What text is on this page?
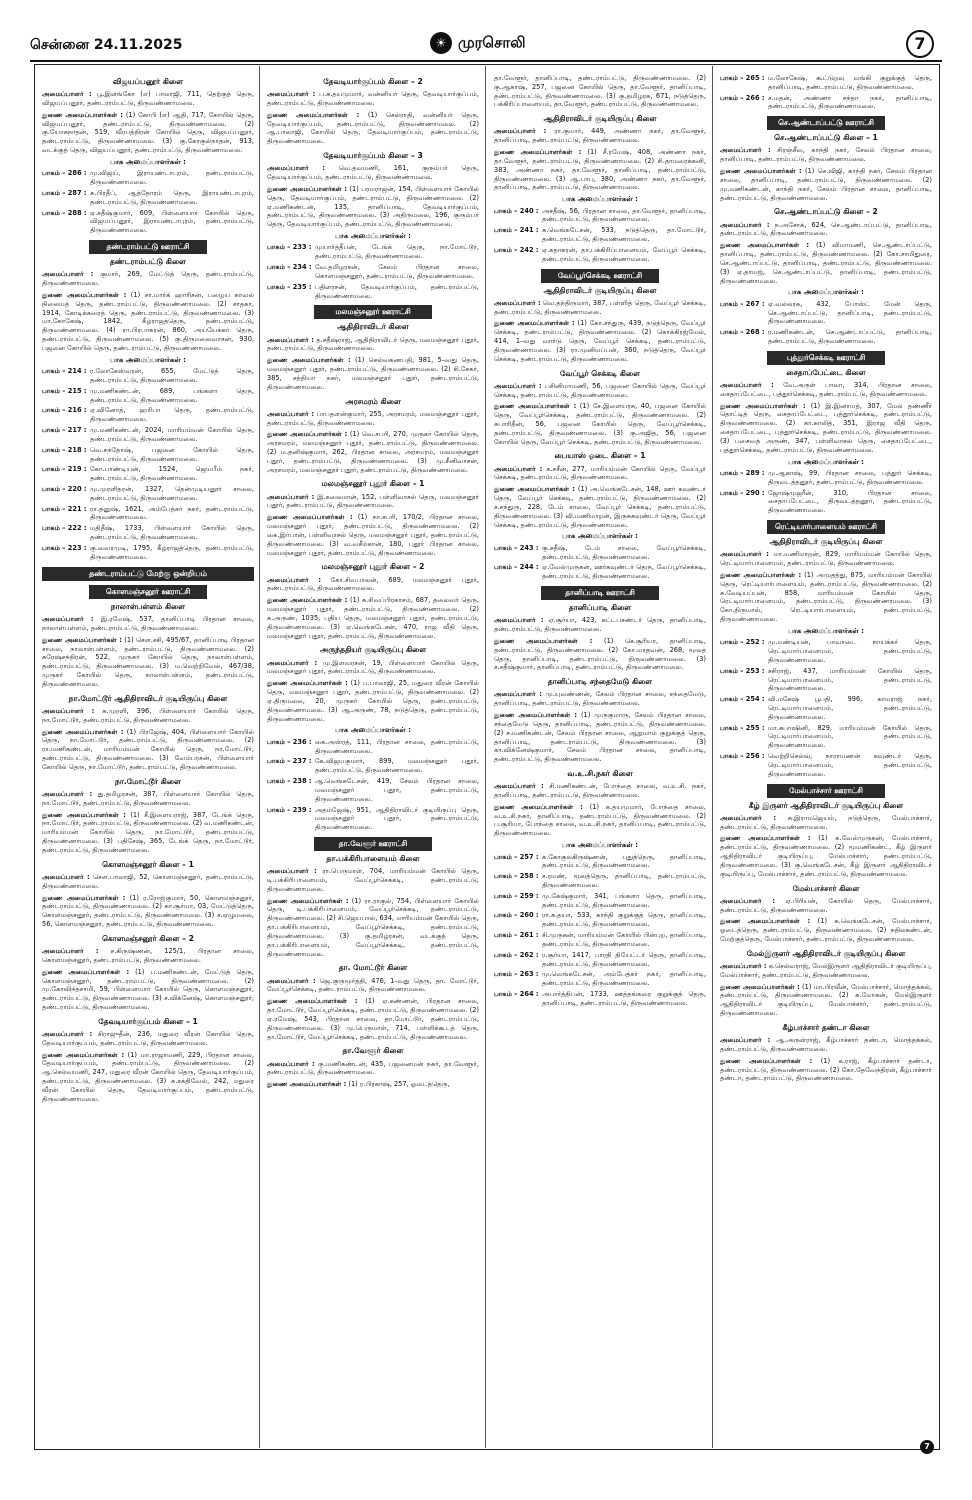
சென்னை 24.11.2025	☀ முரசொலி	7
விஜயப்பனூர் கிளை
அமைப்பாளர் : பூ.இளங்கோ (எ) பாலாஜி, 711, தெற்குத் தெரு, விஜயப்பனூர், தண்டராம்பட்டு, திருவண்ணாமலை.
துணை அமைப்பாளர்கள் : (1) கோபி (எ) ஆதி, 717, கோயில் தெரு, விஜயப்பனூர், தண்டராம்பட்டு, திருவண்ணாமலை. (2) கு.யோகநாதன், 519, வீரபத்திரன் கோயில் தெரு, விஜயப்பனூர், தண்டராம்பட்டு, திருவண்ணாமலை. (3) கு.கோகுல்நாதன், 913, வடக்குத் தெரு, விஜயப்பனூர், தண்டராம்பட்டு, திருவண்ணாமலை.
பாக அமைப்பாளர்கள் :
பாகம் – 286 : மு.விஜய், இராயண்டாபுரம், தண்டராம்பட்டு, திருவண்ணாமலை.
பாகம் – 287 : சு.பிரதீப், ஆத்தோரம் தெரு, இராயண்டாபுரம், தண்டராம்பட்டு, திருவண்ணாமலை.
பாகம் – 288 : ஏ.சதீஷ்குமார், 609, பிள்ளையார் கோயில் தெரு, விஜயப்பனூர், இராயண்டாபுரம், தண்டராம்பட்டு, திருவண்ணாமலை.
தண்டராம்பட்டு ஊராட்சி
தண்டராம்பட்டு கிளை
அமைப்பாளர் : குமார், 269, மேட்டுத் தெரு, தண்டராம்பட்டு, திருவண்ணாமலை.
துணை அமைப்பாளர்கள் : (1) சா.மார்க் ஹாரிசன், பழைய காவல் நிலையத் தெரு, தண்டராம்பட்டு, திருவண்ணாமலை. (2) சாதகா, 1914, கோடிக்கரைத் தெரு, தண்டராம்பட்டு, திருவண்ணாமலை. (3) மா.கோகேஷ், 1842, கீழ்ராஜத்தெரு, தண்டராம்பட்டு, திருவண்ணாமலை. (4) ரா.பிரபாகரன், 860, அய்யேக்கர் தெரு, தண்டராம்பட்டு, திருவண்ணாமலை. (5) கு.திருமலைவாசன், 930, பஜனை கோயில் தெரு, தண்டராம்பட்டு, திருவண்ணாமலை.
பாக அமைப்பாளர்கள் :
பாகம் – 214 : ர.லோகேஸ்வரன், 655, மேட்டுத் தெரு, தண்டராம்பட்டு, திருவண்ணாமலை.
பாகம் – 215 : மு.மணிகண்டன், 689, பங்களா தெரு, தண்டராம்பட்டு, திருவண்ணாமலை.
பாகம் – 216 : ஏ.வினோத், ஹரிபா தெரு, தண்டராம்பட்டு, திருவண்ணாமலை.
பாகம் – 217 : மு.மணிகண்டன், 2024, மாரியம்மன் கோயில் தெரு, தண்டராம்பட்டு, திருவண்ணாமலை.
பாகம் – 218 : வெ.சந்தோஷ், பஜனை கோயில் தெரு, தண்டராம்பட்டு, திருவண்ணாமலை.
பாகம் – 219 : கோ.பாண்டியன், 1524, ஜெயபீம் நகர், தண்டராம்பட்டு, திருவண்ணாமலை.
பாகம் – 220 : மு.முரளிதரன், 1327, தென்முடியனூர் சாலை, தண்டராம்பட்டு, திருவண்ணாமலை.
பாகம் – 221 : ரா.தனுஷ், 1621, அம்பேத்கர் நகர், தண்டராம்பட்டு, திருவண்ணாமலை.
பாகம் – 222 : மதிதீஷ், 1733, பிள்ளையார் கோயில் தெரு, தண்டராம்பட்டு, திருவண்ணாமலை.
பாகம் – 223 : கு.வைரமுடி, 1795, கீழ்ராஜத்தெரு, தண்டராம்பட்டு, திருவண்ணாமலை.
தண்டராம்பட்டு மேற்கு ஒன்றியம்
கொளமஞ்சனூர் ஊராட்சி
நாலாள்பள்ளம் கிளை
அமைப்பாளர் : இ.ரமேஷ், 537, தானிப்பாடி பிரதான சாலை, நாலாள்பள்ளம், தண்டராம்பட்டு, திருவண்ணாமலை.
துணை அமைப்பாளர்கள் : (1) சௌ.சசி, 495/67, தானிப்பாடி பிரதான சாலை, நாலாள்பள்ளம், தண்டராம்பட்டு, திருவண்ணாமலை. (2) சுரேஷ்சந்திரன், 522, முருகர் கோயில் தெரு, நாலாள்பள்ளம், தண்டராம்பட்டு, திருவண்ணாமலை. (3) ம.வெற்றிவேல், 467/38, முருகர் கோயில் தெரு, நாலாள்பள்ளம், தண்டராம்பட்டு, திருவண்ணாமலை.
நா.மோட்டூர் ஆதிதிராவிடர் குடியிருப்பு கிளை
அமைப்பாளர் : சு.முரளி, 396, பிள்ளையார் கோயில் தெரு, நா.மோட்டூர், தண்டராம்பட்டு, திருவண்ணாமலை.
துணை அமைப்பாளர்கள் : (1) பிரஜேஷ், 404, பிள்ளையார் கோயில் தெரு, நா.மோட்டூர், தண்டராம்பட்டு, திருவண்ணாமலை. (2) ரா.மணிகண்டன், மாரியம்மன் கோயில் தெரு, நா.மோட்டூர், தண்டராம்பட்டு, திருவண்ணாமலை. (3) வேம்பரசன், பிள்ளையார் கோயில் தெரு, நா.மோட்டூர், தண்டராம்பட்டு, திருவண்ணாமலை.
நா.மோட்டூர் கிளை
அமைப்பாளர் : து.தமிழரசன், 387, பிள்ளையார் கோயில் தெரு, நா.மோட்டூர், தண்டராம்பட்டு, திருவண்ணாமலை.
துணை அமைப்பாளர்கள் : (1) சீ.இளையராஜ், 387, டேங்க் தெரு, நா.மோட்டூர், தண்டராம்பட்டு, திருவண்ணாமலை. (2) வ.மணிகண்டன், மாரியம்மன் கோயில் தெரு, நா.மோட்டூர், தண்டராம்பட்டு, திருவண்ணாமலை. (3) பதிசேஷ், 365, டேங்க் தெரு, நா.மோட்டூர், தண்டராம்பட்டு, திருவண்ணாமலை.
கொளமஞ்சனூர் கிளை – 1
அமைப்பாளர் : சௌ.பாலாஜி, 52, கொளமஞ்சனூர், தண்டராம்பட்டு, திருவண்ணாமலை.
துணை அமைப்பாளர்கள் : (1) ர.ரோஜ்குமார், 50, கொளமஞ்சனூர், தண்டராம்பட்டு, திருவண்ணாமலை. (2) கா.சூர்யா, 03, மேட்டுத்தெரு, கொளமஞ்சனூர், தண்டராம்பட்டு, திருவண்ணாமலை. (3) ச.ஏழுமலை, 56, கொளமஞ்சனூர், தண்டராம்பட்டு, திருவண்ணாமலை.
கொளமஞ்சனூர் கிளை – 2
அமைப்பாளர் : ச.கிருஷ்ணன், 125/1, பிரதான சாலை, கொளமஞ்சனூர், தண்டராம்பட்டு, திருவண்ணாமலை.
துணை அமைப்பாளர்கள் : (1) ப.மணிகண்டன், மேட்டுத் தெரு, கொளமஞ்சனூர், தண்டராம்பட்டு, திருவண்ணாமலை. (2) மு.கோவிந்தசாமி, 59, பிள்ளையார் கோயில் தெரு, கொளமஞ்சனூர், தண்டராம்பட்டு, திருவண்ணாமலை. (3) ச.விக்னேஷ், கொளமஞ்சனூர், தண்டராம்பட்டு, திருவண்ணாமலை.
தேவடியார்குப்பம் கிளை – 1
அமைப்பாளர் : சிராஜுதீன், 236, மதுரை வீரன் கோயில் தெரு, தேவடியார்குப்பம், தண்டராம்பட்டு, திருவண்ணாமலை.
துணை அமைப்பாளர்கள் : (1) மா.ராஜாமணி, 229, பிரதான சாலை, தேவடியார்குப்பம், தண்டராம்பட்டு, திருவண்ணாமலை. (2) ஆ.செல்வமணி, 247, மதுரை வீரன் கோயில் தெரு, தேவடியார்குப்பம், தண்டராம்பட்டு, திருவண்ணாமலை. (3) சு.சக்திவேல், 242, மதுரை வீரன் கோயில் தெரு, தேவடியார்குப்பம், தண்டராம்பட்டு, திருவண்ணாமலை.
தேவடியார்குப்பம் கிளை – 2
அமைப்பாளர் : ப.க.தயமுமார், வன்னியர் தெரு, தேவடியார்குப்பம், தண்டராம்பட்டு, திருவண்ணாமலை.
துணை அமைப்பாளர்கள் : (1) செல்ராதி, வன்னியர் தெரு, தேவடியார்குப்பம், தண்டராம்பட்டு, திருவண்ணாமலை. (2) ஆ.பாலாஜி, கோயில் தெரு, தேவடியார்குப்பம், தண்டராம்பட்டு, திருவண்ணாமலை.
தேவடியார்குப்பம் கிளை – 3
அமைப்பாளர் : வெ.தவமணி, 161, குரும்பர் தெரு, தேவடியார்குப்பம், தண்டராம்பட்டு, திருவண்ணாமலை.
துணை அமைப்பாளர்கள் : (1) பரமராஜன், 154, பிள்ளையார் கோயில் தெரு, தேவடியார்குப்பம், தண்டராம்பட்டு, திருவண்ணாமலை. (2) ஏ.மணிகண்டன், 135, தானிப்பாடி, தேவடியார்குப்பம், தண்டராம்பட்டு, திருவண்ணாமலை. (3) அதிருமலை, 196, குரும்பர் தெரு, தேவடியார்குப்பம், தண்டராம்பட்டு, திருவண்ணாமலை.
பாக அமைப்பாளர்கள் :
பாகம் – 233 : முயார்த்தீபன், டேங்க் தெரு, நா.மோட்டூர், தண்டராம்பட்டு, திருவண்ணாமலை.
பாகம் – 234 : வே.தமிழரசன், சேலம் பிரதான சாலை, கொளமஞ்சனூர், தண்டராம்பட்டு, திருவண்ணாமலை.
பாகம் – 235 : பதிளரசன், தேவடியார்குப்பம், தண்டராம்பட்டு, திருவண்ணாமலை.
மலமஞ்சனூர் ஊராட்சி
ஆதிதிராவிடர் கிளை
அமைப்பாளர் : த.சதீஷ்ராஜ், ஆதிதிராவிடர் தெரு, மலமஞ்சனூர் புதூர், தண்டராம்பட்டு, திருவண்ணாமலை.
துணை அமைப்பாளர்கள் : (1) செல்வகணபதி, 981, 5–வது தெரு, மலமஞ்சனூர் புதூர், தண்டராம்பட்டு, திருவண்ணாமலை. (2) சி.சேகர், 385, சத்தியா நகர், மலமஞ்சனூர் புதூர், தண்டராம்பட்டு, திருவண்ணாமலை.
அரசமரம் கிளை
அமைப்பாளர் : பாபதளன்குமார், 255, அரசமரம், மலமஞ்சனூர் புதூர், தண்டராம்பட்டு, திருவண்ணாமலை.
துணை அமைப்பாளர்கள் : (1) வெ.சபரி, 270, முருகர் கோயில் தெரு, அரசமரம், மலமஞ்சனூர் புதூர், தண்டராம்பட்டு, திருவண்ணாமலை. (2) ம.தனிஷ்குமார், 262, பிரதான சாலை, அரசமரம், மலமஞ்சனூர் புதூர், தண்டராம்பட்டு, திருவண்ணாமலை. (3) மு.சீனிவாசன், அரசமரம், மலமஞ்சனூர் புதூர், தண்டராம்பட்டு, திருவண்ணாமலை.
மலமஞ்சனூர் புதூர் கிளை – 1
அமைப்பாளர் : இ.கலைமான், 152, பள்ளிவாசல் தெரு, மலமஞ்சனூர் புதூர், தண்டராம்பட்டு, திருவண்ணாமலை.
துணை அமைப்பாளர்கள் : (1) நா.சபரி, 170/2, பிரதான சாலை, மலமஞ்சனூர் புதூர், தண்டராம்பட்டு, திருவண்ணாமலை. (2) கை.இர்பான், பள்ளிவாசல் தெரு, மலமஞ்சனூர் புதூர், தண்டராம்பட்டு, திருவண்ணாமலை. (3) வ.வசீம்கான், 180, புதூர் பிரதான சாலை, மலமஞ்சனூர் புதூர், தண்டராம்பட்டு, திருவண்ணாமலை.
மலமஞ்சனூர் புதூர் கிளை – 2
அமைப்பாளர் : கோ.சிவபாலன், 689, மலமஞ்சனூர் புதூர், தண்டராம்பட்டு, திருவண்ணாமலை.
துணை அமைப்பாளர்கள் : (1) சு.சிவப்பிரகாசம், 687, தலைவர் தெரு, மலமஞ்சனூர் புதூர், தண்டராம்பட்டு, திருவண்ணாமலை. (2) சு.அருண், 1035, புதிய தெரு, மலமஞ்சனூர் புதூர், தண்டராம்பட்டு, திருவண்ணாமலை. (3) ஏ.வெங்கடேசன், 470, ராஜ வீதி தெரு, மலமஞ்சனூர் புதூர், தண்டராம்பட்டு, திருவண்ணாமலை.
அருந்ததியர் குடியிருப்பு கிளை
அமைப்பாளர் : மு.இளவரசன், 19, பிள்ளையார் கோயில் தெரு, மலமஞ்சனூர் புதூர், தண்டராம்பட்டு, திருவண்ணாமலை.
துணை அமைப்பாளர்கள் : (1) ப.பாலாஜி, 25, மதுரை வீரன் கோயில் தெரு, மலமஞ்சனூர் புதூர், தண்டராம்பட்டு, திருவண்ணாமலை. (2) ஏ.திருமலை, 20, முருகர் கோயில் தெரு, தண்டராம்பட்டு, திருவண்ணாமலை. (3) ஆ.அருண், 78, நடுத்தெரு, தண்டராம்பட்டு, திருவண்ணாமலை.
பாக அமைப்பாளர்கள் :
பாகம் – 236 : கை.அஸ்ரத், 111, பிரதான சாலை, தண்டராம்பட்டு, திருவண்ணாமலை.
பாகம் – 237 : கே.விஜயகுமார், 899, மலமஞ்சனூர் புதூர், தண்டராம்பட்டு, திருவண்ணாமலை.
பாகம் – 238 : ஆ.வெங்கடேசன், 419, சேலம் பிரதான சாலை, மலமஞ்சனூர் புதூர், தண்டராம்பட்டு, திருவண்ணாமலை.
பாகம் – 239 : அதம்ஜேஷ், 951, ஆதிதிராவிடர் குடியிருப்பு தெரு, மலமஞ்சனூர் புதூர், தண்டராம்பட்டு, திருவண்ணாமலை.
தா.வேளூர் ஊராட்சி
தா.பக்கிரிபாளையம் கிளை
அமைப்பாளர் : ரா.பெருமாள், 704, மாரியம்மன் கோயில் தெரு, டி.பக்கிரிபாளையம், வேப்பூர்செக்கடி, தண்டராம்பட்டு, திருவண்ணாமலை.
துணை அமைப்பாளர்கள் : (1) ரா.ராகுல், 754, பிள்ளையார் கோயில் தெரு, டி.பக்கிரிபாளையம், வேப்பூர்செக்கடி, தண்டராம்பட்டு, திருவண்ணாமலை. (2) சி.ஜெயபால், 634, மாரியம்மன் கோயில் தெரு, தா.பக்கிரிபாளையம், வேப்பூர்செக்கடி, தண்டராம்பட்டு, திருவண்ணாமலை. (3) கு.தமிழ்ரசன், வடக்குத் தெரு, தா.பக்கிரிபாளையம், வேப்பூர்செக்கடி, தண்டராம்பட்டு, திருவண்ணாமலை.
தா. மோட்டூர் கிளை
அமைப்பாளர் : ஜெ.குருமூர்த்தி, 476, 1–வது தெரு, தா. மோட்டூர், வேப்பூர்செக்கடி, தண்டராம்பட்டு, திருவண்ணாமலை.
துணை அமைப்பாளர்கள் : (1) ஏ.கண்ணன், பிரதான சாலை, தா.மோட்டூர், வேப்பூர்செக்கடி, தண்டராம்பட்டு, திருவண்ணாமலை. (2) ஏ.ரமேஷ், 543, பிரதான சாலை, தா.மோட்டூர், தண்டராம்பட்டு, திருவண்ணாமலை. (3) மு.பெருமாள், 714, பள்ளிக்கூடத் தெரு, தா.மோட்டூர், வேப்பூர்செக்கடி, தண்டராம்பட்டு, திருவண்ணாமலை.
தா.வேளூர் கிளை
அமைப்பாளர் : கு.மணிகண்டன், 435, பஜனைமன் நகர், தா.வேளூர், தண்டராம்பட்டு, திருவண்ணாமலை.
துணை அமைப்பாளர்கள் : (1) ர.பிரகாஷ், 257, ஓடைத்தெரு,
தா.வேளூர், தானிப்பாடி, தண்டராம்பட்டு, திருவண்ணாமலை. (2) கு.ஆகாஷ், 257, பஜனை கோயில் தெரு, தா.வேளூர், தானிப்பாடி, தண்டராம்பட்டு, திருவண்ணாமலை. (3) கு.தமிழரசு, 671, நடுத்தெரு, பக்கிரிப்பாளையம், தா.வேளூர், தண்டராம்பட்டு, திருவண்ணாமலை.
ஆதிதிராவிடர் குடியிருப்பு கிளை
அமைப்பாளர் : ரா.குமார், 449, அண்ணா நகர், தா.வேளூர், தானிப்பாடி, தண்டராம்பட்டு, திருவண்ணாமலை.
துணை அமைப்பாளர்கள் : (1) சீ.ரமேஷ், 408, அண்ணா நகர், தா.வேளூர், தண்டராம்பட்டு, திருவண்ணாமலை. (2) சி.தாமரைக்கனி, 383, அண்ணா நகர், தா.வேளூர், தானிப்பாடி, தண்டராம்பட்டு, திருவண்ணாமலை. (3) ஆ.பாபு, 380, அண்ணா நகர், தா.வேளூர், தானிப்பாடி, தண்டராம்பட்டு, திருவண்ணாமலை.
பாக அமைப்பாளர்கள் :
பாகம் – 240 : அசதீஷ், 56, பிரதான சாலை, தா.வேளூர், தானிப்பாடி, தண்டராம்பட்டு, திருவண்ணாமலை.
பாகம் – 241 : க.வெங்கடேசன், 533, நடுத்தெரு, தா.மோட்டூர், தண்டராம்பட்டு, திருவண்ணாமலை.
பாகம் – 242 : ஏ.சுதாகரன், தா.பக்கிரிப்பாளையம், வேப்பூர் செக்கடி, தண்டராம்பட்டு, திருவண்ணாமலை.
வேப்பூர்செக்கடி ஊராட்சி
ஆதிதிராவிடர் குடியிருப்பு கிளை
அமைப்பாளர் : வெ.தந்திருமார், 387, பள்ளித் தெரு, வேப்பூர் செக்கடி, தண்டராம்பட்டு, திருவண்ணாமலை.
துணை அமைப்பாளர்கள் : (1) கோ.சந்துரு, 439, நடுத்தெரு, வேப்பூர் செக்கடி, தண்டராம்பட்டு, திருவண்ணாமலை. (2) கொக்கிரஜ்மேல், 414, 1–வது வார்டு தெரு, வேப்பூர் செக்கடி, தண்டராம்பட்டு, திருவண்ணாமலை. (3) ரா.முனியப்பன், 360, நடுத்தெரு, வேப்பூர் செக்கடி, தண்டராம்பட்டு, திருவண்ணாமலை.
வேப்பூர் செக்கடி கிளை
அமைப்பாளர் : பசினிமாமணி, 56, பஜனை கோயில் தெரு, வேப்பூர் செக்கடி, தண்டராம்பட்டு, திருவண்ணாமலை.
துணை அமைப்பாளர்கள் : (1) சே.இளையரசு, 40, பஜனை கோயில் தெரு, வேப்பூர்செக்கடி, தண்டராம்பட்டு, திருவண்ணாமலை. (2) சுபாரிதீன், 56, பஜனை கோயில் தெரு, வேப்பூர்செக்கடி, தண்டராம்பட்டு, திருவண்ணாமலை. (3) கு.அஜித், 56, பஜனை கோயில் தெரு, வேப்பூர் செக்கடி, தண்டராம்பட்டு, திருவண்ணாமலை.
பையாஸ் ஓடை கிளை – 1
அமைப்பாளர் : க.சசீன், 277, மாரியம்மன் கோயில் தெரு, வேப்பூர் செக்கடி, தண்டராம்பட்டு, திருவண்ணாமலை.
துணை அமைப்பாளர்கள் : (1) அ.வெங்கடேசன், 148, ஊர் கவுண்டர் தெரு, வேப்பூர் செக்கடி, தண்டராம்பட்டு, திருவண்ணாமலை. (2) ச.சந்துரு, 228, டேம் சாலை, வேப்பூர் செக்கடி, தண்டராம்பட்டு, திருவண்ணாமலை. (3) வி.மணிமாறன், இருசுகவுண்டர் தெரு, வேப்பூர் செக்கடி, தண்டராம்பட்டு, திருவண்ணாமலை.
பாக அமைப்பாளர்கள் :
பாகம் – 243 : கு.சதீஷ், டேம் சாலை, வேப்பூர்செக்கடி, தண்டராம்பட்டு, திருவண்ணாமலை.
பாகம் – 244 : ஏ.வேல்முருகன், ஊர்கவுண்டர் தெரு, வேப்பூர்செக்கடி, தண்டராம்பட்டு, திருவண்ணாமலை.
தானிப்பாடி ஊராட்சி
தானிப்பாடி கிளை
அமைப்பாளர் : ஏ.சூர்யா, 423, கட்டபசண்டர் தெரு, தானிப்பாடி, தண்டராம்பட்டு, திருவண்ணாமலை.
துணை அமைப்பாளர்கள் : (1) செ.சூரியா, தானிப்பாடி, தண்டராம்பட்டு, திருவண்ணாமலை. (2) கோ.மாதவன், 268, மூலத் தெரு, தானிப்பாடி, தண்டராம்பட்டு, திருவண்ணாமலை. (3) ச.சதீஷ்குமார், தானிப்பாடி, தண்டராம்பட்டு, திருவண்ணாமலை.
தானிப்பாடி சந்தைமேடு கிளை
அமைப்பாளர் : மு.யுவண்ணன், சேலம் பிரதான சாலை, சந்தைமேடு, தானிப்பாடி, தண்டராம்பட்டு, திருவண்ணாமலை.
துணை அமைப்பாளர்கள் : (1) முருகுமாரு, சேலம் பிரதான சாலை, சந்தைமேடு தெரு, தானிப்பாடி, தண்டராம்பட்டு, திருவண்ணாமலை. (2) ச.மணிகண்டன், சேலம் பிரதான சாலை, ஆறுமாம் குறுக்குத் தெரு, தானிப்பாடி, தண்டராம்பட்டு, திருவண்ணாமலை. (3) கா.விக்னேஷ்குமார், சேலம் பிரதான சாலை, தானிப்பாடி, தண்டராம்பட்டு, திருவண்ணாமலை.
வ.உ.சி.நகர் கிளை
அமைப்பாளர் : சி.மணிகண்டன், போந்தை சாலை, வ.உ.சி. நகர், தானிப்பாடி, தண்டராம்பட்டு, திருவண்ணாமலை.
துணை அமைப்பாளர்கள் : (1) க.தயமுமார், போந்தை சாலை, வ.உ.சி.நகர், தானிப்பாடி, தண்டராம்பட்டு, திருவண்ணாமலை. (2) ப.சூரியா, போந்தை சாலை, வ.உ.சி.நகர், தானிப்பாடி, தண்டராம்பட்டு, திருவண்ணாமலை.
பாக அமைப்பாளர்கள் :
பாகம் – 257 : க.கோகுலகிருஷ்ணன், புதுத்தெரு, தானிப்பாடி, தண்டராம்பட்டு, திருவண்ணாமலை.
பாகம் – 258 : ச.ரமண், மூலத்தெரு, தானிப்பாடி, தண்டராம்பட்டு, திருவண்ணாமலை.
பாகம் – 259 : மு.கேஷ்குமார், 341, பங்களா தெரு, தானிப்பாடி, தண்டராம்பட்டு, திருவண்ணாமலை.
பாகம் – 260 : ரா.க.தயா, 533, காந்தி குறுக்குத் தெரு, தானிப்பாடி, தண்டராம்பட்டு, திருவண்ணாமலை.
பாகம் – 261 : சி.முருகன், மாரியம்மன் கோயில் பின்புற, தானிப்பாடி, தண்டராம்பட்டு, திருவண்ணாமலை.
பாகம் – 262 : ர.சூர்யா, 1417, பாரதி தியேட்டர் தெரு, தானிப்பாடி, தண்டராம்பட்டு, திருவண்ணாமலை.
பாகம் – 263 : மு.வெங்கடேசன், அம்பேத்கர் நகர், தானிப்பாடி, தண்டராம்பட்டு, திருவண்ணாமலை.
பாகம் – 264 : அபார்த்திபன், 1733, ஊத்தங்கரை குறுக்குத் தெரு, தானிப்பாடி, தண்டராம்பட்டு, திருவண்ணாமலை.
பாகம் – 265 : ம.லோகேஷ், கூட்டுறவு வங்கி குறுக்குத் தெரு, தானிப்பாடி, தண்டராம்பட்டு, திருவண்ணாமலை.
பாகம் – 266 : ச.மதன், அண்ணா சந்தா நகர், தானிப்பாடி, தண்டராம்பட்டு, திருவண்ணாமலை.
செ.ஆண்டாப்பட்டு ஊராட்சி
செ.ஆண்டாப்பட்டு கிளை – 1
அமைப்பாளர் : சிரஞ்சீவ, காந்தி நகர், சேலம் பிரதான சாலை, தானிப்பாடி, தண்டராம்பட்டு, திருவண்ணாமலை.
துணை அமைப்பாளர்கள் : (1) செ.விஜி, காந்தி நகர், சேலம் பிரதான சாலை, தானிப்பாடி, தண்டராம்பட்டு, திருவண்ணாமலை. (2) மு.மணிகண்டன், காந்தி நகர், சேலம் பிரதான சாலை, தானிப்பாடி, தண்டராம்பட்டு, திருவண்ணாமலை.
செ.ஆண்டாப்பட்டு கிளை – 2
அமைப்பாளர் : ந.அசோக், 624, செ.ஆண்டாப்பட்டு, தானிப்பாடி, தண்டராம்பட்டு, திருவண்ணாமலை.
துணை அமைப்பாளர்கள் : (1) விமாமணி, செ.ஆண்டாப்பட்டு, தானிப்பாடி, தண்டராம்பட்டு, திருவண்ணாமலை. (2) கோ.சாமிதுரை, செ.ஆண்டாப்பட்டு, தானிப்பாடி, தண்டராம்பட்டு, திருவண்ணாமலை. (3) ஏ.தாமஜ், செ.ஆண்டாப்பட்டு, தானிப்பாடி, தண்டராம்பட்டு, திருவண்ணாமலை.
பாக அமைப்பாளர்கள் :
பாகம் – 267 : ஏ.வல்லரசு, 432, போஸ்ட் மேன் தெரு, செ.ஆண்டாப்பட்டு, தானிப்பாடி, தண்டராம்பட்டு, திருவண்ணாமலை.
பாகம் – 268 : ர.மணிகண்டன், செ.ஆண்டாப்பட்டு, தானிப்பாடி, தண்டராம்பட்டு, திருவண்ணாமலை.
புத்தூர்செக்கடி ஊராட்சி
சைதாப்பேட்டை கிளை
அமைப்பாளர் : வே.அருள் பாலா, 314, பிரதான சாலை, சைதாப்பேட்டை, புத்தூர்செக்கடி, தண்டராம்பட்டு, திருவண்ணாமலை.
துணை அமைப்பாளர்கள் : (1) இ.இனாயத், 307, மேல் தண்ணீர் தொட்டித் தெரு, சைதாப்பேட்டை, புத்தூர்செக்கடி, தண்டராம்பட்டு, திருவண்ணாமலை. (2) கா.காலித், 351, இராஜ வீதி தெரு, சைதாப்பேட்டை, புத்தூர்செக்கடி, தண்டராம்பட்டு, திருவண்ணாமலை. (3) பசைவத் அருண், 347, பள்ளிவாசல் தெரு, சைதாப்பேட்டை, புத்தூர்செக்கடி, தண்டராம்பட்டு, திருவண்ணாமலை.
பாக அமைப்பாளர்கள் :
பாகம் – 289 : மு.ஆகாஷ், 99, பிரதான சாலை, புத்தூர் செக்கடி, திருவடத்தனூர், தண்டராம்பட்டு, திருவண்ணாமலை.
பாகம் – 290 : ஜோஷ்முஜரீன், 310, பிரதான சாலை, சைதாப்பேட்டை, திருவடத்தனூர், தண்டராம்பட்டு, திருவண்ணாமலை.
ரெட்டியார்பாளையம் ஊராட்சி
ஆதிதிராவிடர் குடியிருப்பு கிளை
அமைப்பாளர் : மா.மணிமாறன், 829, மாரியம்மன் கோயில் தெரு, ரெட்டியார்பாளையம், தண்டராம்பட்டு, திருவண்ணாமலை.
துணை அமைப்பாளர்கள் : (1) அமுதத்து, 875, மாரியம்மன் கோயில் தெரு, ரெட்டியார்பாளையம், தண்டராம்பட்டு, திருவண்ணாமலை. (2) க.வேடியப்பன், 858, மாரியம்மன் கோயில் தெரு, ரெட்டியார்பாளையம், தண்டராம்பட்டு, திருவண்ணாமலை. (3) கோ.திருமால், ரெட்டியார்பாளையம், தண்டராம்பட்டு, திருவண்ணாமலை.
பாக அமைப்பாளர்கள் :
பாகம் – 252 : மு.மண்டியன், பாவாடை நாயக்கர் தெரு, ரெட்டியார்பாளையம், தண்டராம்பட்டு, திருவண்ணாமலை.
பாகம் – 253 : சசிராஜ், 437, மாரியம்மன் கோயில் தெரு, ரெட்டியார்பாளையம், தண்டராம்பட்டு, திருவண்ணாமலை.
பாகம் – 254 : வி.மகேஷ் பூபதி, 996, காமராஜ் நகர், ரெட்டியார்பாளையம், தண்டராம்பட்டு, திருவண்ணாமலை.
பாகம் – 255 : மா.சுபாஷினி, 829, மாரியம்மன் கோயில் தெரு, ரெட்டியார்பாளையம், தண்டராம்பட்டு, திருவண்ணாமலை.
பாகம் – 256 : வெற்றிசெல்வ், நாராயணன் கவுண்டர் தெரு, ரெட்டியார்பாளையம், தண்டராம்பட்டு, திருவண்ணாமலை.
மேல்பாச்சார் ஊராட்சி
கீழ் இருளர் ஆதிதிராவிடர் குடியிருப்பு கிளை
அமைப்பாளர் : சு.இராமஜெயம், நடுத்தெரு, மேல்பாச்சார், தண்டராம்பட்டு, திருவண்ணாமலை.
துணை அமைப்பாளர்கள் : (1) க.வேல்முருகன், மேல்பாச்சார், தண்டராம்பட்டு, திருவண்ணாமலை. (2) மூமணிகண்ட், கீழ் இருளர் ஆதிதிராவிடர் குடியிருப்பு, மேல்பாச்சார், தண்டராம்பட்டு, திருவண்ணாமலை. (3) கு.வெங்கடேசன், கீழ் இருளர் ஆதிதிராவிடர் குடியிருப்பு, மேல்பாச்சார், தண்டராம்பட்டு, திருவண்ணாமலை.
மேல்பாச்சார் கிளை
அமைப்பாளர் : ஏ.பிரியன், கோயில் தெரு, மேல்பாச்சார், தண்டராம்பட்டு, திருவண்ணாமலை.
துணை அமைப்பாளர்கள் : (1) க.வெங்கடேசன், மேல்பாச்சார், ஓடைத்தெரு, தண்டராம்பட்டு, திருவண்ணாமலை. (2) நதிலகண்டன், மேற்குத்தெரு, மேல்பாச்சார், தண்டராம்பட்டு, திருவண்ணாமலை.
மேல்இருளர் ஆதிதிராவிடர் குடியிருப்பு கிளை
அமைப்பாளர் : க.செல்வராஜ், மேல்இருளர் ஆதிதிராவிடர் குடியிருப்பு, மேல்பாச்சார், தண்டராம்பட்டு, திருவண்ணாமலை.
துணை அமைப்பாளர்கள் : (1) மா.பிரவீன், மேல்பாச்சார், மொத்தக்கல், தண்டராம்பட்டு, திருவண்ணாமலை. (2) சு.மோகன், மேல்இருளர் ஆதிதிராவிடர் குடியிருப்பு, மேல்பாச்சார், தண்டராம்பட்டு, திருவண்ணாமலை.
கீழ்பாச்சார் தண்டா கிளை
அமைப்பாளர் : ஆ.அருள்ராஜ், கீழ்பாச்சார் தண்டா, மொத்தக்கல், தண்டராம்பட்டு, திருவண்ணாமலை.
துணை அமைப்பாளர்கள் : (1) க.ராஜ், கீழ்பாச்சார் தண்டா, தண்டராம்பட்டு, திருவண்ணாமலை. (2) கோ.தேவேந்திரன், கீழ்பாச்சார் தண்டா, தண்டராம்பட்டு, திருவண்ணாமலை.
7
